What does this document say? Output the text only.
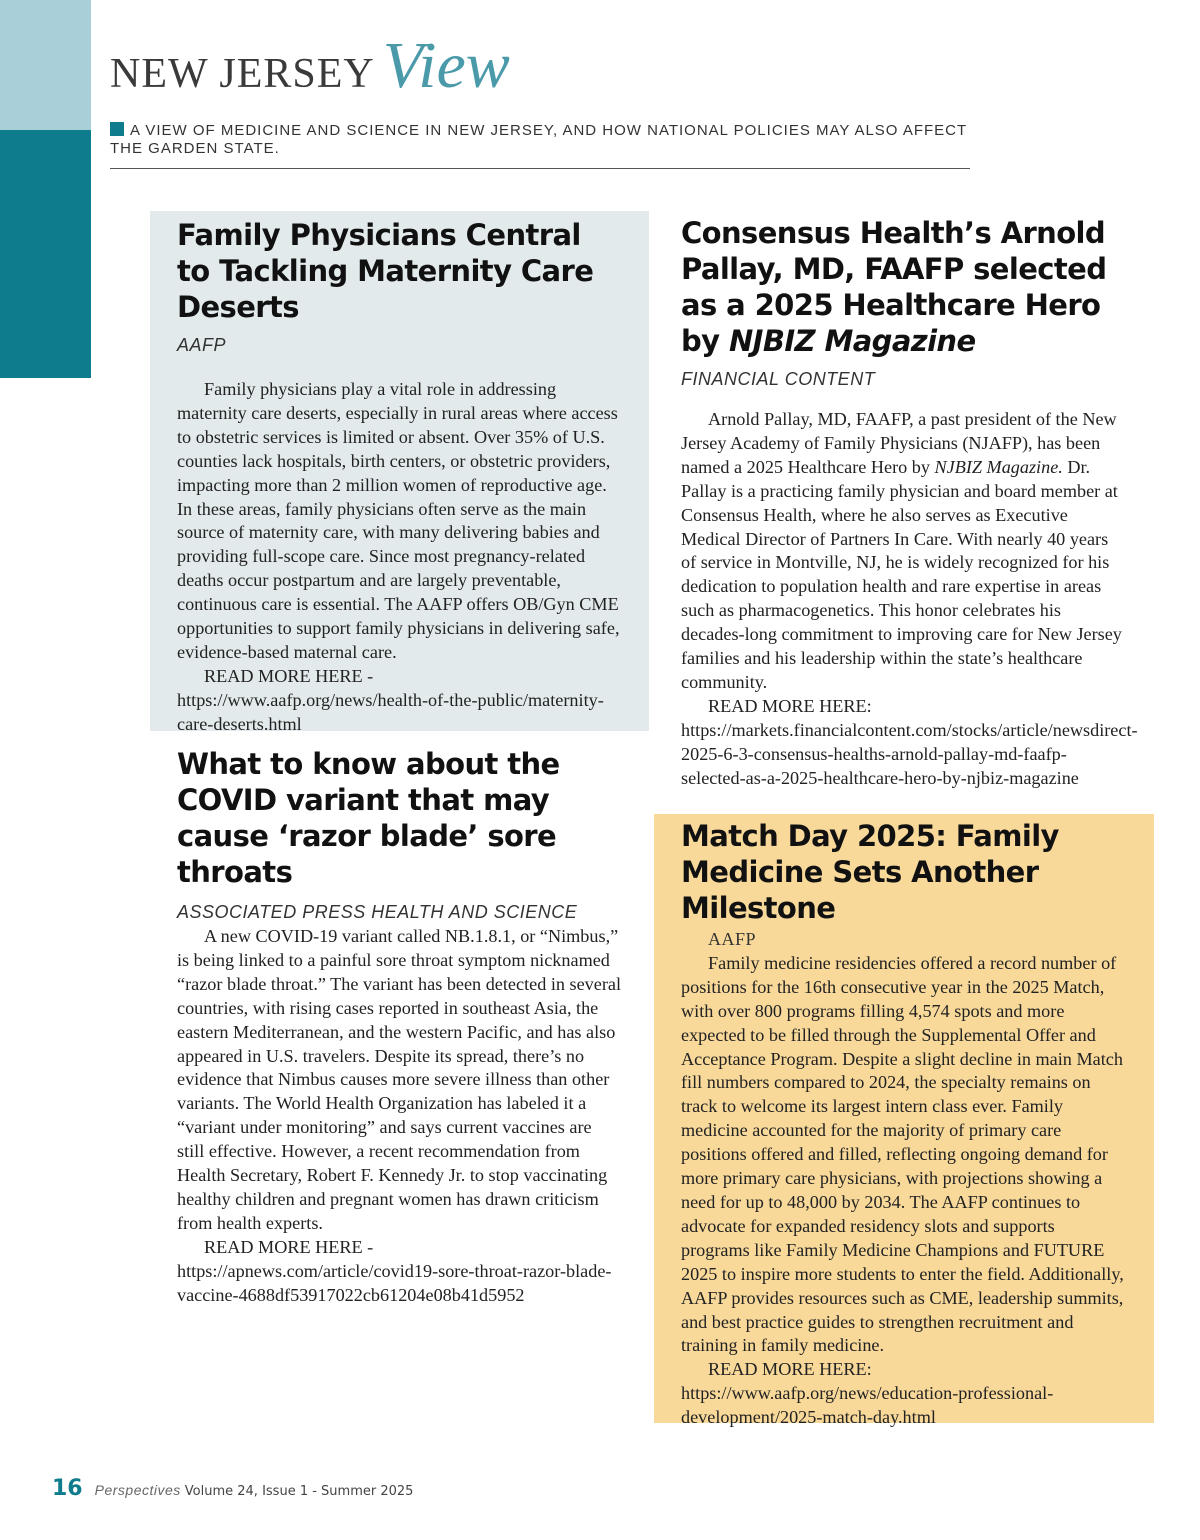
NEW JERSEY View
A VIEW OF MEDICINE AND SCIENCE IN NEW JERSEY, AND HOW NATIONAL POLICIES MAY ALSO AFFECT THE GARDEN STATE.
Family Physicians Central to Tackling Maternity Care Deserts
AAFP

Family physicians play a vital role in addressing maternity care deserts, especially in rural areas where access to obstetric services is limited or absent. Over 35% of U.S. counties lack hospitals, birth centers, or obstetric providers, impacting more than 2 million women of reproductive age. In these areas, family physicians often serve as the main source of maternity care, with many delivering babies and providing full-scope care. Since most pregnancy-related deaths occur postpartum and are largely preventable, continuous care is essential. The AAFP offers OB/Gyn CME opportunities to support family physicians in delivering safe, evidence-based maternal care.

READ MORE HERE - https://www.aafp.org/news/health-of-the-public/maternity-care-deserts.html

What to know about the COVID variant that may cause ‘razor blade’ sore throats
ASSOCIATED PRESS HEALTH AND SCIENCE

A new COVID-19 variant called NB.1.8.1, or “Nimbus,” is being linked to a painful sore throat symptom nicknamed “razor blade throat.” The variant has been detected in several countries, with rising cases reported in southeast Asia, the eastern Mediterranean, and the western Pacific, and has also appeared in U.S. travelers. Despite its spread, there’s no evidence that Nimbus causes more severe illness than other variants. The World Health Organization has labeled it a “variant under monitoring” and says current vaccines are still effective. However, a recent recommendation from Health Secretary, Robert F. Kennedy Jr. to stop vaccinating healthy children and pregnant women has drawn criticism from health experts.

READ MORE HERE - https://apnews.com/article/covid19-sore-throat-razor-blade-vaccine-4688df53917022cb61204e08b41d5952

Consensus Health’s Arnold Pallay, MD, FAAFP selected as a 2025 Healthcare Hero by NJBIZ Magazine
FINANCIAL CONTENT

Arnold Pallay, MD, FAAFP, a past president of the New Jersey Academy of Family Physicians (NJAFP), has been named a 2025 Healthcare Hero by NJBIZ Magazine. Dr. Pallay is a practicing family physician and board member at Consensus Health, where he also serves as Executive Medical Director of Partners In Care. With nearly 40 years of service in Montville, NJ, he is widely recognized for his dedication to population health and rare expertise in areas such as pharmacogenetics. This honor celebrates his decades-long commitment to improving care for New Jersey families and his leadership within the state’s healthcare community.

READ MORE HERE: https://markets.financialcontent.com/stocks/article/newsdirect-2025-6-3-consensus-healths-arnold-pallay-md-faafp-selected-as-a-2025-healthcare-hero-by-njbiz-magazine

Match Day 2025: Family Medicine Sets Another Milestone
AAFP

Family medicine residencies offered a record number of positions for the 16th consecutive year in the 2025 Match, with over 800 programs filling 4,574 spots and more expected to be filled through the Supplemental Offer and Acceptance Program. Despite a slight decline in main Match fill numbers compared to 2024, the specialty remains on track to welcome its largest intern class ever. Family medicine accounted for the majority of primary care positions offered and filled, reflecting ongoing demand for more primary care physicians, with projections showing a need for up to 48,000 by 2034. The AAFP continues to advocate for expanded residency slots and supports programs like Family Medicine Champions and FUTURE 2025 to inspire more students to enter the field. Additionally, AAFP provides resources such as CME, leadership summits, and best practice guides to strengthen recruitment and training in family medicine.

READ MORE HERE: https://www.aafp.org/news/education-professional-development/2025-match-day.html

16 Perspectives Volume 24, Issue 1 - Summer 2025
